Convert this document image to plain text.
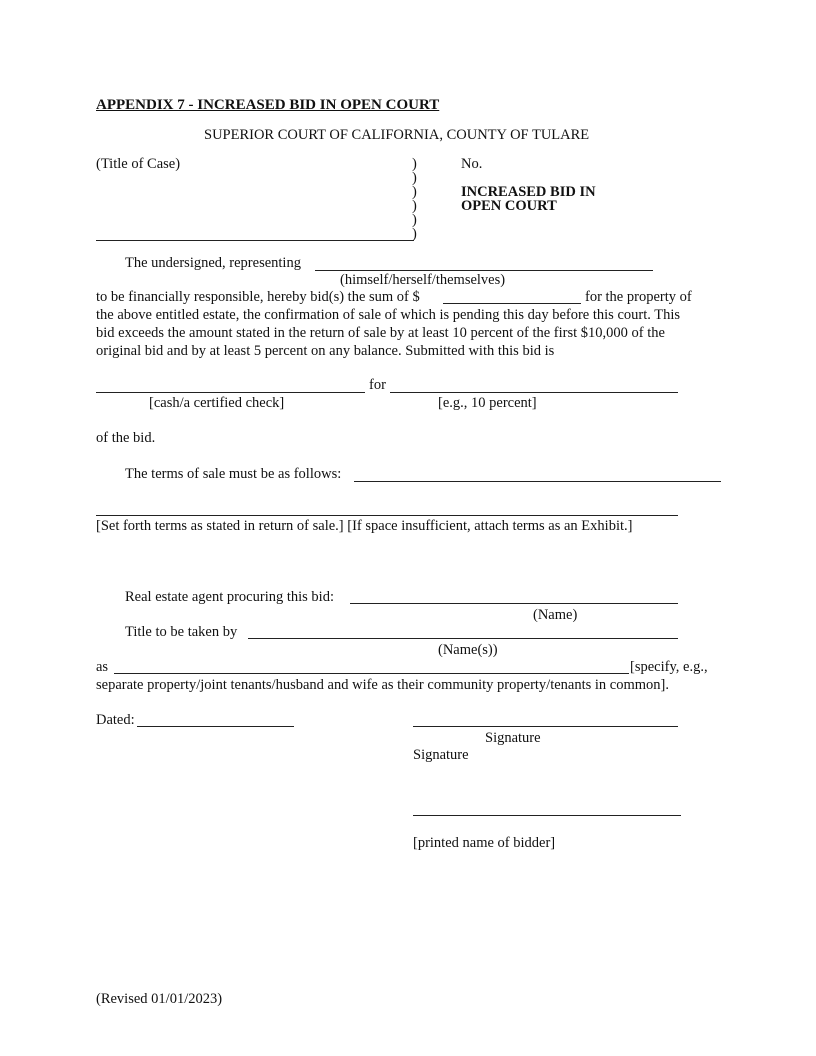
APPENDIX 7 - INCREASED BID IN OPEN COURT
SUPERIOR COURT OF CALIFORNIA, COUNTY OF TULARE
(Title of Case)	)
)
)
)
)
)
No.
INCREASED BID IN
OPEN COURT
The undersigned, representing
(himself/herself/themselves)
to be financially responsible, hereby bid(s) the sum of $	for the property of
the above entitled estate, the confirmation of sale of which is pending this day before this court. This
bid exceeds the amount stated in the return of sale by at least 10 percent of the first $10,000 of the
original bid and by at least 5 percent on any balance. Submitted with this bid is
for
[cash/a certified check]	[e.g., 10 percent]
of the bid.
The terms of sale must be as follows:
[Set forth terms as stated in return of sale.] [If space insufficient, attach terms as an Exhibit.]
Real estate agent procuring this bid:
(Name)
Title to be taken by
(Name(s))
as	[specify, e.g.,
separate property/joint tenants/husband and wife as their community property/tenants in common].
Dated:
Signature
Signature
[printed name of bidder]
(Revised 01/01/2023)
